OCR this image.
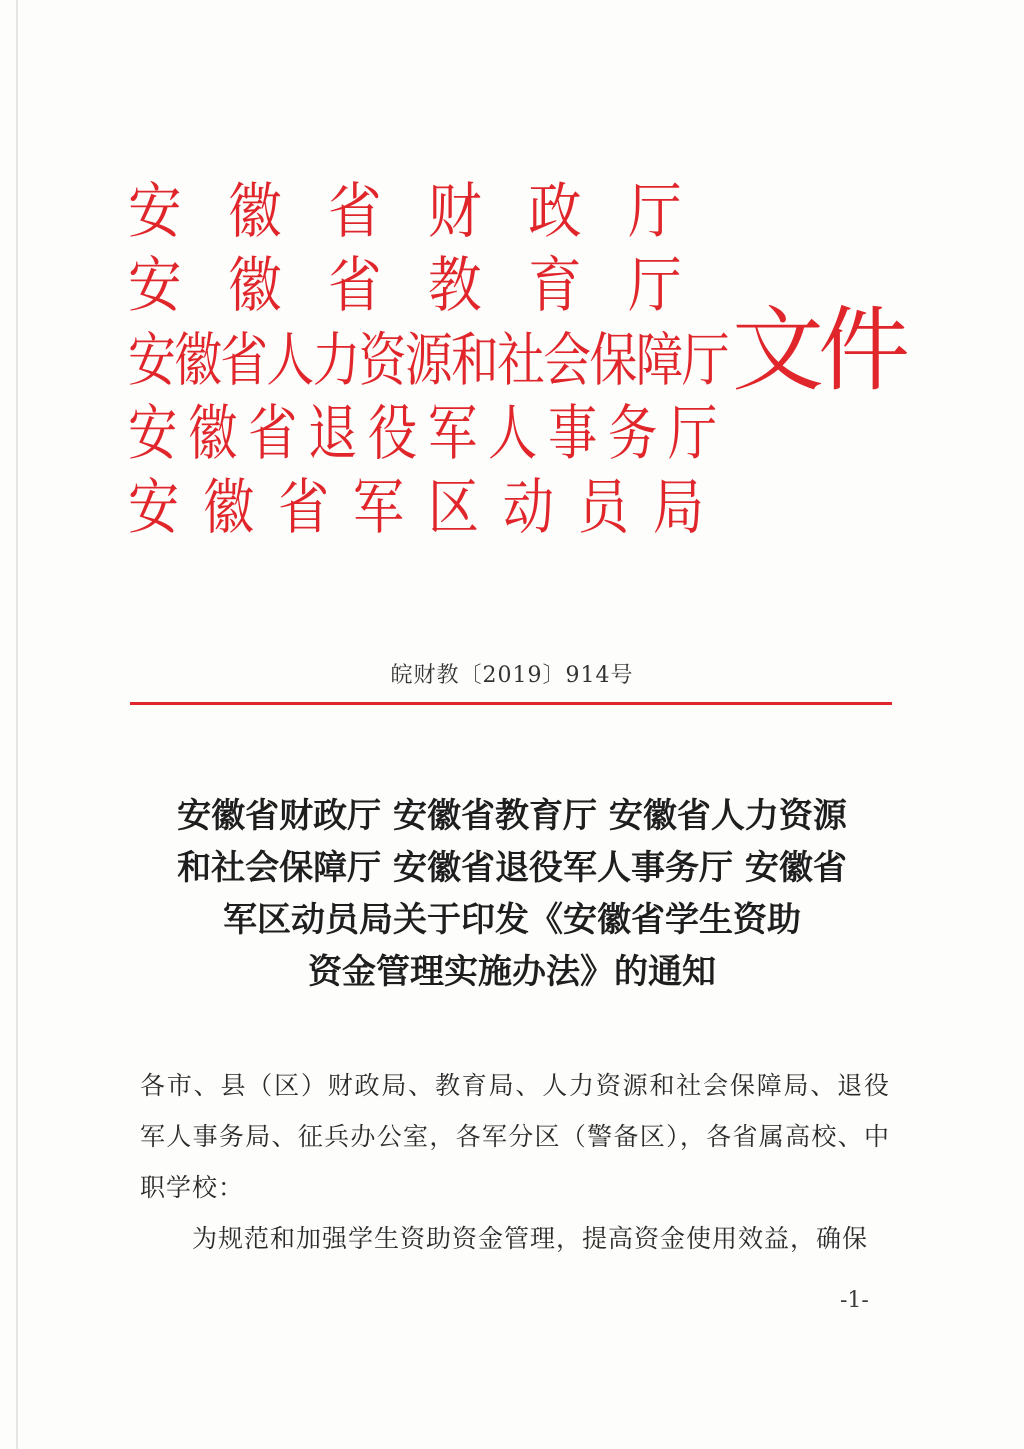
安徽省财政厅
安徽省教育厅
安徽省人力资源和社会保障厅
安徽省退役军人事务厅
安徽省军区动员局
文件
皖财教〔2019〕914号
安徽省财政厅 安徽省教育厅 安徽省人力资源
和社会保障厅 安徽省退役军人事务厅 安徽省
军区动员局关于印发《安徽省学生资助
资金管理实施办法》的通知
各市、县（区）财政局、教育局、人力资源和社会保障局、退役军人事务局、征兵办公室，各军分区（警备区），各省属高校、中职学校：
为规范和加强学生资助资金管理，提高资金使用效益，确保
-1-
